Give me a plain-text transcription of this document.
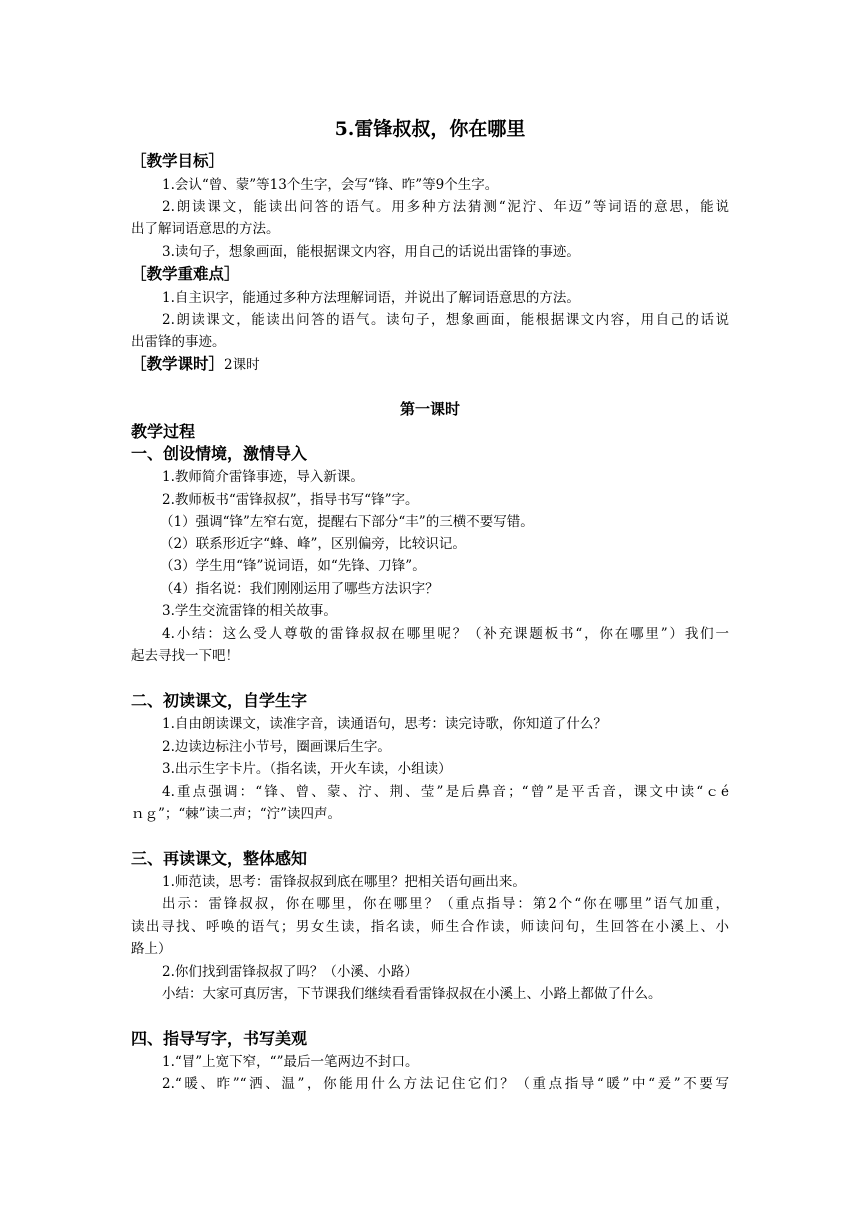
5.雷锋叔叔，你在哪里
［教学目标］
1.会认“曾、蒙”等13个生字，会写“锋、昨”等9个生字。
2.朗读课文，能读出问答的语气。用多种方法猜测“泥泞、年迈”等词语的意思，能说
出了解词语意思的方法。
3.读句子，想象画面，能根据课文内容，用自己的话说出雷锋的事迹。
［教学重难点］
1.自主识字，能通过多种方法理解词语，并说出了解词语意思的方法。
2.朗读课文，能读出问答的语气。读句子，想象画面，能根据课文内容，用自己的话说
出雷锋的事迹。
［教学课时］2课时
第一课时
教学过程
一、创设情境，激情导入
1.教师简介雷锋事迹，导入新课。
2.教师板书“雷锋叔叔”，指导书写“锋”字。
（1）强调“锋”左窄右宽，提醒右下部分“丰”的三横不要写错。
（2）联系形近字“蜂、峰”，区别偏旁，比较识记。
（3）学生用“锋”说词语，如“先锋、刀锋”。
（4）指名说：我们刚刚运用了哪些方法识字？
3.学生交流雷锋的相关故事。
4.小结：这么受人尊敬的雷锋叔叔在哪里呢？（补充课题板书“，你在哪里”）我们一
起去寻找一下吧！
二、初读课文，自学生字
1.自由朗读课文，读准字音，读通语句，思考：读完诗歌，你知道了什么？
2.边读边标注小节号，圈画课后生字。
3.出示生字卡片。（指名读，开火车读，小组读）
4.重点强调：“锋、曾、蒙、泞、荆、莹”是后鼻音；“曾”是平舌音，课文中读“ｃé
ｎｇ”；“棘”读二声；“泞”读四声。
三、再读课文，整体感知
1.师范读，思考：雷锋叔叔到底在哪里？把相关语句画出来。
出示：雷锋叔叔，你在哪里，你在哪里？（重点指导：第2个“你在哪里”语气加重，
读出寻找、呼唤的语气；男女生读，指名读，师生合作读，师读问句，生回答在小溪上、小
路上）
2.你们找到雷锋叔叔了吗？（小溪、小路）
小结：大家可真厉害，下节课我们继续看看雷锋叔叔在小溪上、小路上都做了什么。
四、指导写字，书写美观
1.“冒”上宽下窄，“”最后一笔两边不封口。
2.“暖、昨”“洒、温”，你能用什么方法记住它们？（重点指导“暖”中“爰”不要写
